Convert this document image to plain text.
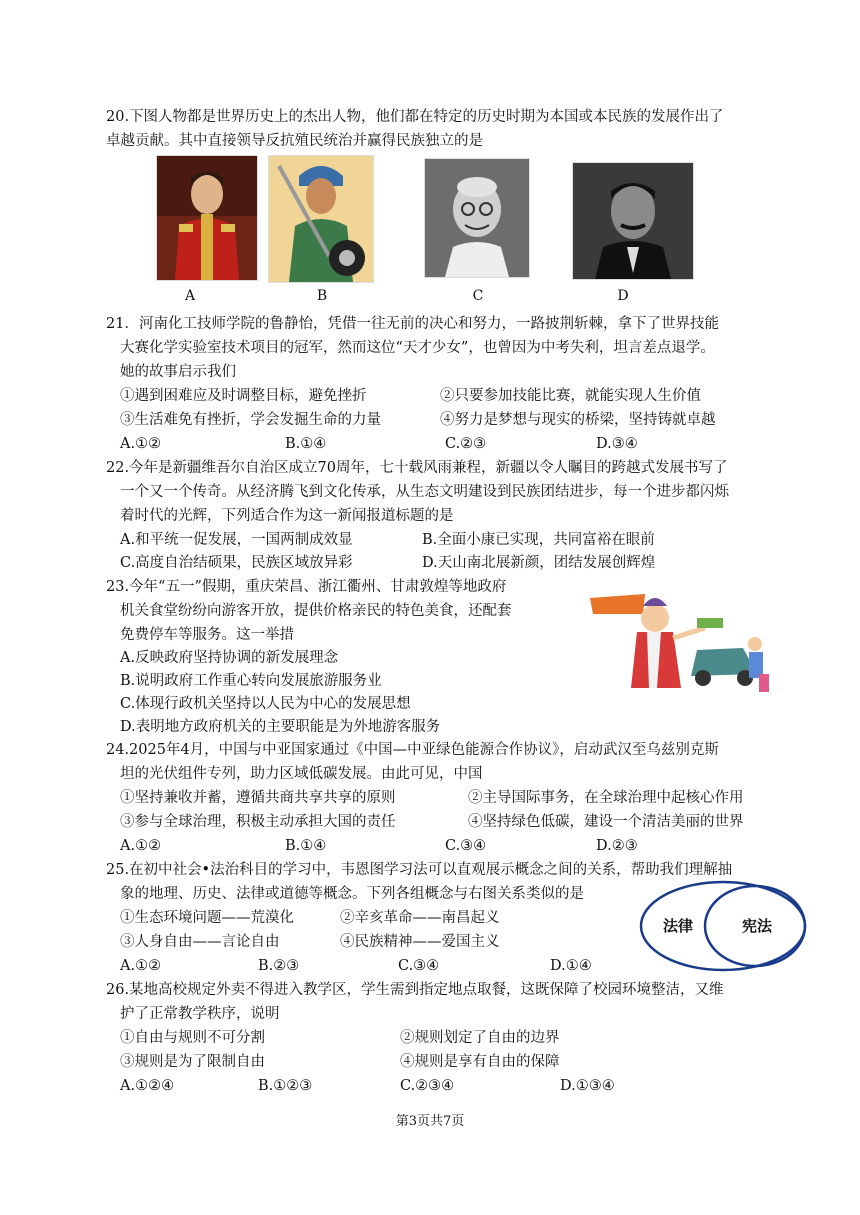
20.下图人物都是世界历史上的杰出人物，他们都在特定的历史时期为本国或本民族的发展作出了
卓越贡献。其中直接领导反抗殖民统治并赢得民族独立的是
A	B	C	D
21．河南化工技师学院的鲁静怡，凭借一往无前的决心和努力，一路披荆斩棘，拿下了世界技能
大赛化学实验室技术项目的冠军，然而这位“天才少女”，也曾因为中考失利，坦言差点退学。
她的故事启示我们
①遇到困难应及时调整目标，避免挫折	②只要参加技能比赛，就能实现人生价值
③生活难免有挫折，学会发掘生命的力量	④努力是梦想与现实的桥梁，坚持铸就卓越
A.①②	B.①④	C.②③	D.③④
22.今年是新疆维吾尔自治区成立70周年，七十载风雨兼程，新疆以令人瞩目的跨越式发展书写了
一个又一个传奇。从经济腾飞到文化传承，从生态文明建设到民族团结进步，每一个进步都闪烁
着时代的光辉，下列适合作为这一新闻报道标题的是
A.和平统一促发展，一国两制成效显	B.全面小康已实现，共同富裕在眼前
C.高度自治结硕果，民族区域放异彩	D.天山南北展新颜，团结发展创辉煌
23.今年“五一”假期，重庆荣昌、浙江衢州、甘肃敦煌等地政府
机关食堂纷纷向游客开放，提供价格亲民的特色美食，还配套
免费停车等服务。这一举措
A.反映政府坚持协调的新发展理念
B.说明政府工作重心转向发展旅游服务业
C.体现行政机关坚持以人民为中心的发展思想
D.表明地方政府机关的主要职能是为外地游客服务
24.2025年4月，中国与中亚国家通过《中国—中亚绿色能源合作协议》，启动武汉至乌兹别克斯
坦的光伏组件专列，助力区域低碳发展。由此可见，中国
①坚持兼收并蓄，遵循共商共享共享的原则	②主导国际事务，在全球治理中起核心作用
③参与全球治理，积极主动承担大国的责任	④坚持绿色低碳，建设一个清洁美丽的世界
A.①②	B.①④	C.③④	D.②③
25.在初中社会•法治科目的学习中，韦恩图学习法可以直观展示概念之间的关系，帮助我们理解抽
象的地理、历史、法律或道德等概念。下列各组概念与右图关系类似的是
①生态环境问题——荒漠化	②辛亥革命——南昌起义
③人身自由——言论自由	④民族精神——爱国主义
A.①②	B.②③	C.③④	D.①④
法律	宪法
26.某地高校规定外卖不得进入教学区，学生需到指定地点取餐，这既保障了校园环境整洁，又维
护了正常教学秩序，说明
①自由与规则不可分割	②规则划定了自由的边界
③规则是为了限制自由	④规则是享有自由的保障
A.①②④	B.①②③	C.②③④	D.①③④
第3页共7页
